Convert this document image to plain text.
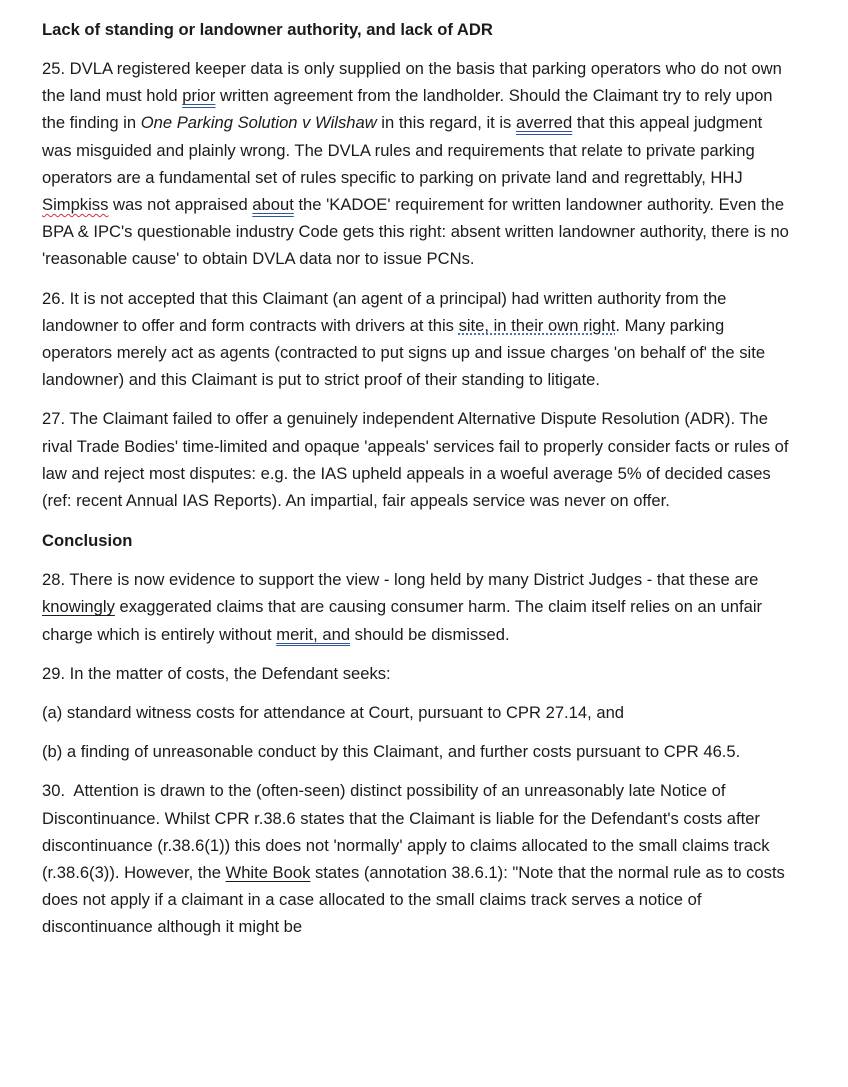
Lack of standing or landowner authority, and lack of ADR

25. DVLA registered keeper data is only supplied on the basis that parking operators who do not own the land must hold prior written agreement from the landholder. Should the Claimant try to rely upon the finding in One Parking Solution v Wilshaw in this regard, it is averred that this appeal judgment was misguided and plainly wrong. The DVLA rules and requirements that relate to private parking operators are a fundamental set of rules specific to parking on private land and regrettably, HHJ Simpkiss was not appraised about the 'KADOE' requirement for written landowner authority. Even the BPA & IPC's questionable industry Code gets this right: absent written landowner authority, there is no 'reasonable cause' to obtain DVLA data nor to issue PCNs.

26. It is not accepted that this Claimant (an agent of a principal) had written authority from the landowner to offer and form contracts with drivers at this site, in their own right. Many parking operators merely act as agents (contracted to put signs up and issue charges 'on behalf of' the site landowner) and this Claimant is put to strict proof of their standing to litigate.

27. The Claimant failed to offer a genuinely independent Alternative Dispute Resolution (ADR). The rival Trade Bodies' time-limited and opaque 'appeals' services fail to properly consider facts or rules of law and reject most disputes: e.g. the IAS upheld appeals in a woeful average 5% of decided cases (ref: recent Annual IAS Reports). An impartial, fair appeals service was never on offer.

Conclusion

28. There is now evidence to support the view - long held by many District Judges - that these are knowingly exaggerated claims that are causing consumer harm. The claim itself relies on an unfair charge which is entirely without merit, and should be dismissed.

29. In the matter of costs, the Defendant seeks:

(a) standard witness costs for attendance at Court, pursuant to CPR 27.14, and

(b) a finding of unreasonable conduct by this Claimant, and further costs pursuant to CPR 46.5.

30.  Attention is drawn to the (often-seen) distinct possibility of an unreasonably late Notice of Discontinuance. Whilst CPR r.38.6 states that the Claimant is liable for the Defendant's costs after discontinuance (r.38.6(1)) this does not 'normally' apply to claims allocated to the small claims track (r.38.6(3)). However, the White Book states (annotation 38.6.1): "Note that the normal rule as to costs does not apply if a claimant in a case allocated to the small claims track serves a notice of discontinuance although it might be
